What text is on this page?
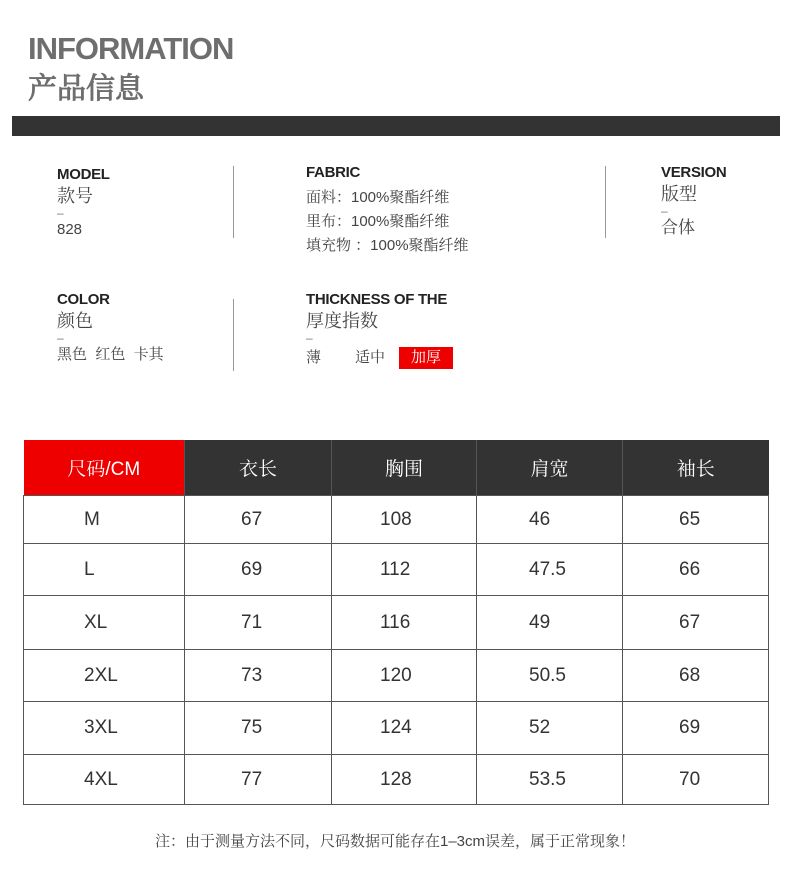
INFORMATION
产品信息
MODEL
款号
–
828
FABRIC
面料：100%聚酯纤维
里布：100%聚酯纤维
填充物 ：100%聚酯纤维
VERSION
版型
–
合体
COLOR
颜色
–
黑色  红色  卡其
THICKNESS OF THE
厚度指数
–
薄 适中	加厚
尺码/CM	衣长	胸围	肩宽	袖长

M	67	108	46	65

L	69	112	47.5	66

XL	71	116	49	67

2XL	73	120	50.5	68

3XL	75	124	52	69

4XL	77	128	53.5	70
注：由于测量方法不同，尺码数据可能存在1–3cm误差，属于正常现象！
